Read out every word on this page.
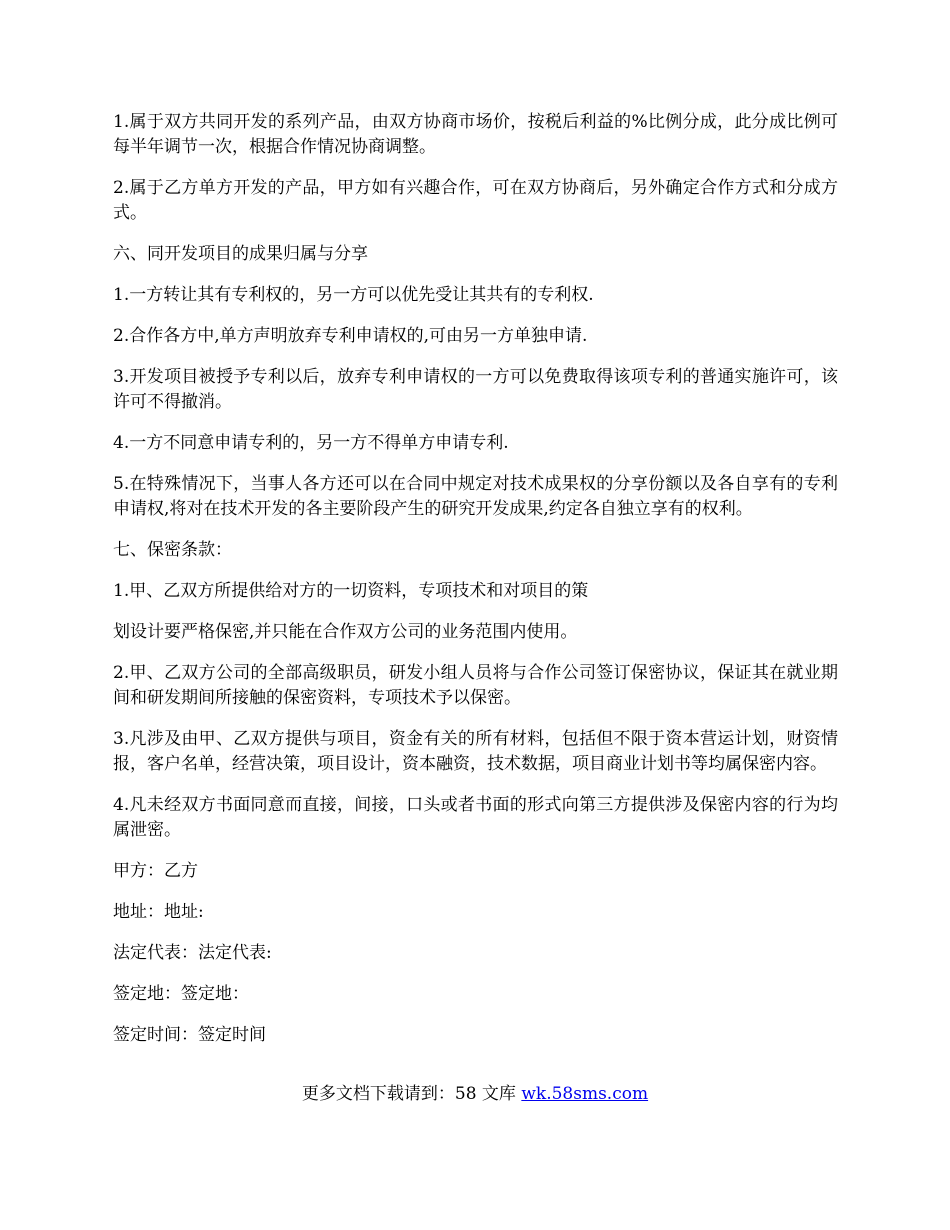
1.属于双方共同开发的系列产品，由双方协商市场价，按税后利益的%比例分成，此分成比例可每半年调节一次，根据合作情况协商调整。

2.属于乙方单方开发的产品，甲方如有兴趣合作，可在双方协商后，另外确定合作方式和分成方式。

六、同开发项目的成果归属与分享

1.一方转让其有专利权的，另一方可以优先受让其共有的专利权.

2.合作各方中,单方声明放弃专利申请权的,可由另一方单独申请.

3.开发项目被授予专利以后，放弃专利申请权的一方可以免费取得该项专利的普通实施许可，该许可不得撤消。

4.一方不同意申请专利的，另一方不得单方申请专利.

5.在特殊情况下，当事人各方还可以在合同中规定对技术成果权的分享份额以及各自享有的专利申请权,将对在技术开发的各主要阶段产生的研究开发成果,约定各自独立享有的权利。

七、保密条款：

1.甲、乙双方所提供给对方的一切资料，专项技术和对项目的策

划设计要严格保密,并只能在合作双方公司的业务范围内使用。

2.甲、乙双方公司的全部高级职员，研发小组人员将与合作公司签订保密协议，保证其在就业期间和研发期间所接触的保密资料，专项技术予以保密。

3.凡涉及由甲、乙双方提供与项目，资金有关的所有材料，包括但不限于资本营运计划，财资情报，客户名单，经营决策，项目设计，资本融资，技术数据，项目商业计划书等均属保密内容。

4.凡未经双方书面同意而直接，间接，口头或者书面的形式向第三方提供涉及保密内容的行为均属泄密。

甲方：乙方

地址：地址:

法定代表：法定代表:

签定地：签定地：

签定时间：签定时间

更多文档下载请到：58 文库 wk.58sms.com
